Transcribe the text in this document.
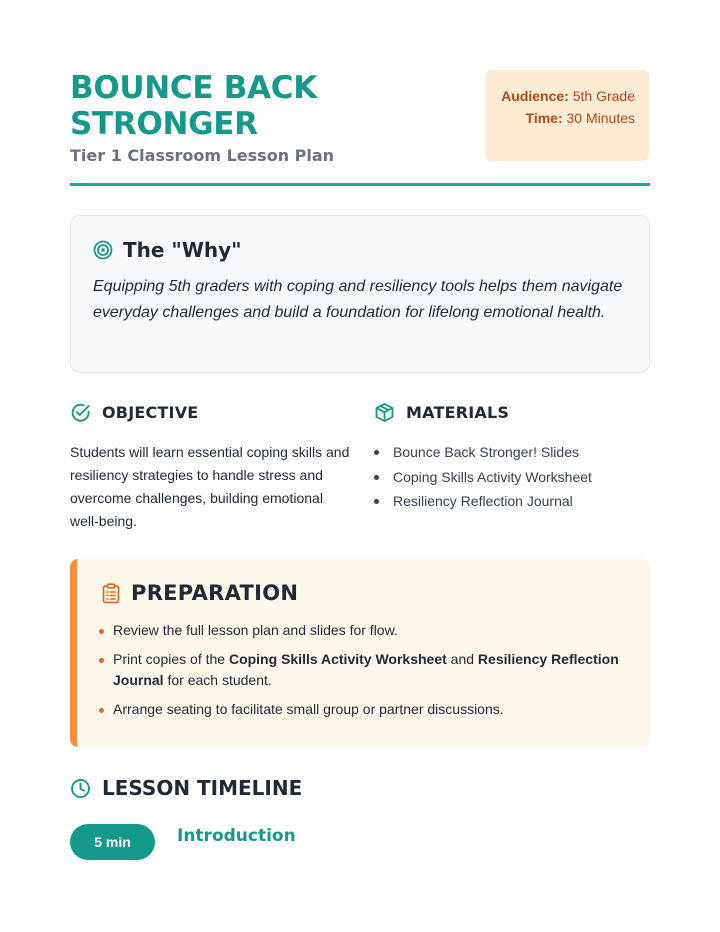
BOUNCE BACK STRONGER
Tier 1 Classroom Lesson Plan
Audience: 5th Grade
Time: 30 Minutes
The "Why"
Equipping 5th graders with coping and resiliency tools helps them navigate everyday challenges and build a foundation for lifelong emotional health.
OBJECTIVE
Students will learn essential coping skills and resiliency strategies to handle stress and overcome challenges, building emotional well-being.
MATERIALS
Bounce Back Stronger! Slides
Coping Skills Activity Worksheet
Resiliency Reflection Journal
PREPARATION
Review the full lesson plan and slides for flow.
Print copies of the Coping Skills Activity Worksheet and Resiliency Reflection Journal for each student.
Arrange seating to facilitate small group or partner discussions.
LESSON TIMELINE
5 min	Introduction
